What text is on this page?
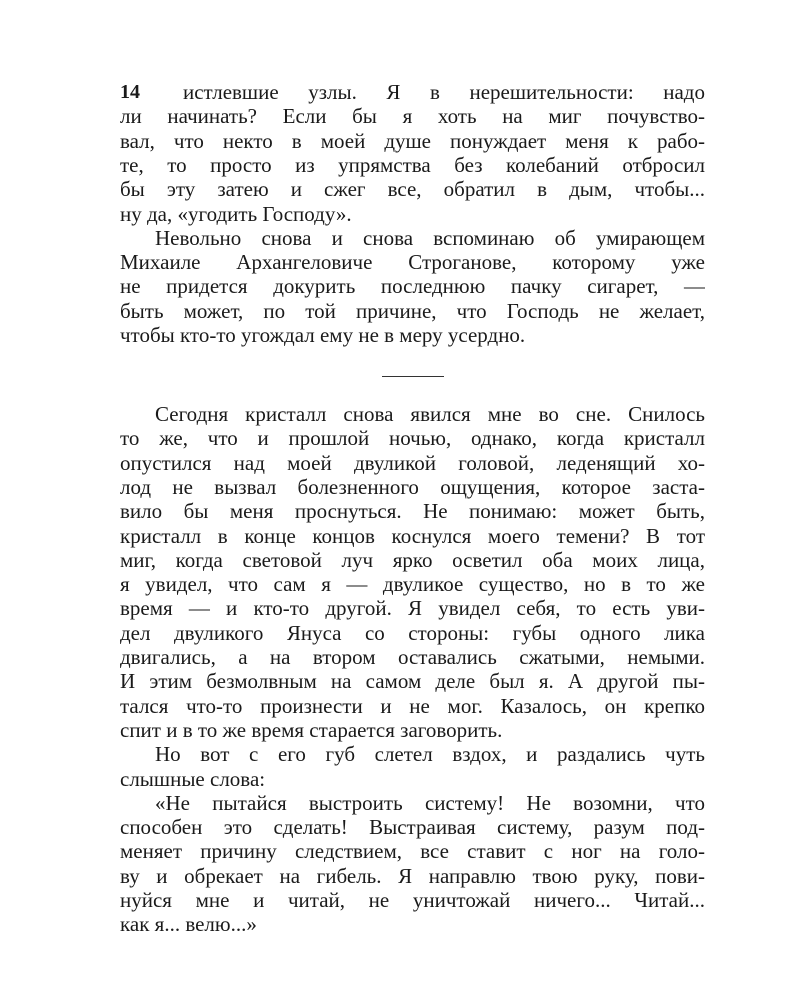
14 истлевшие узлы. Я в нерешительности: надо
ли начинать? Если бы я хоть на миг почувство-
вал, что некто в моей душе понуждает меня к рабо-
те, то просто из упрямства без колебаний отбросил
бы эту затею и сжег все, обратил в дым, чтобы...
ну да, «угодить Господу».
Невольно снова и снова вспоминаю об умирающем
Михаиле Архангеловиче Строганове, которому уже
не придется докурить последнюю пачку сигарет, —
быть может, по той причине, что Господь не желает,
чтобы кто-то угождал ему не в меру усердно.
Сегодня кристалл снова явился мне во сне. Снилось
то же, что и прошлой ночью, однако, когда кристалл
опустился над моей двуликой головой, леденящий хо-
лод не вызвал болезненного ощущения, которое заста-
вило бы меня проснуться. Не понимаю: может быть,
кристалл в конце концов коснулся моего темени? В тот
миг, когда световой луч ярко осветил оба моих лица,
я увидел, что сам я — двуликое существо, но в то же
время — и кто-то другой. Я увидел себя, то есть уви-
дел двуликого Януса со стороны: губы одного лика
двигались, а на втором оставались сжатыми, немыми.
И этим безмолвным на самом деле был я. А другой пы-
тался что-то произнести и не мог. Казалось, он крепко
спит и в то же время старается заговорить.
Но вот с его губ слетел вздох, и раздались чуть
слышные слова:
«Не пытайся выстроить систему! Не возомни, что
способен это сделать! Выстраивая систему, разум под-
меняет причину следствием, все ставит с ног на голо-
ву и обрекает на гибель. Я направлю твою руку, пови-
нуйся мне и читай, не уничтожай ничего... Читай...
как я... велю...»
